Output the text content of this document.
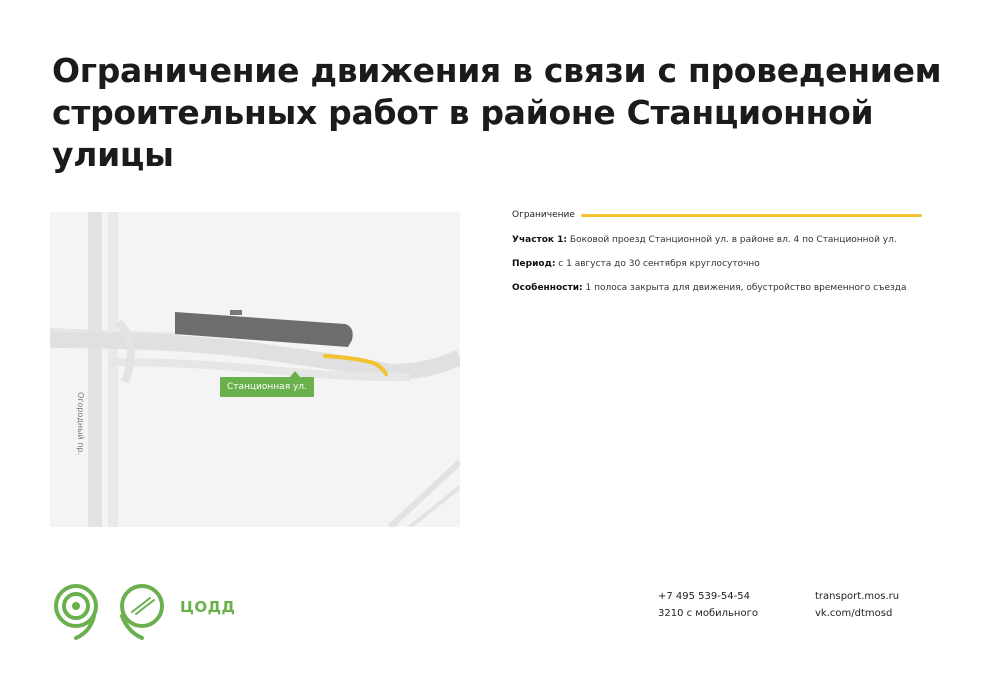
Ограничение движения в связи с проведением строительных работ в районе Станционной улицы
Станционная ул.
Огородный пр.
Ограничение
Участок 1: Боковой проезд Станционной ул. в районе вл. 4 по Станционной ул.
Период: с 1 августа до 30 сентября круглосуточно
Особенности: 1 полоса закрыта для движения, обустройство временного съезда
ЦОДД
+7 495 539-54-54
3210 с мобильного
transport.mos.ru
vk.com/dtmosd
